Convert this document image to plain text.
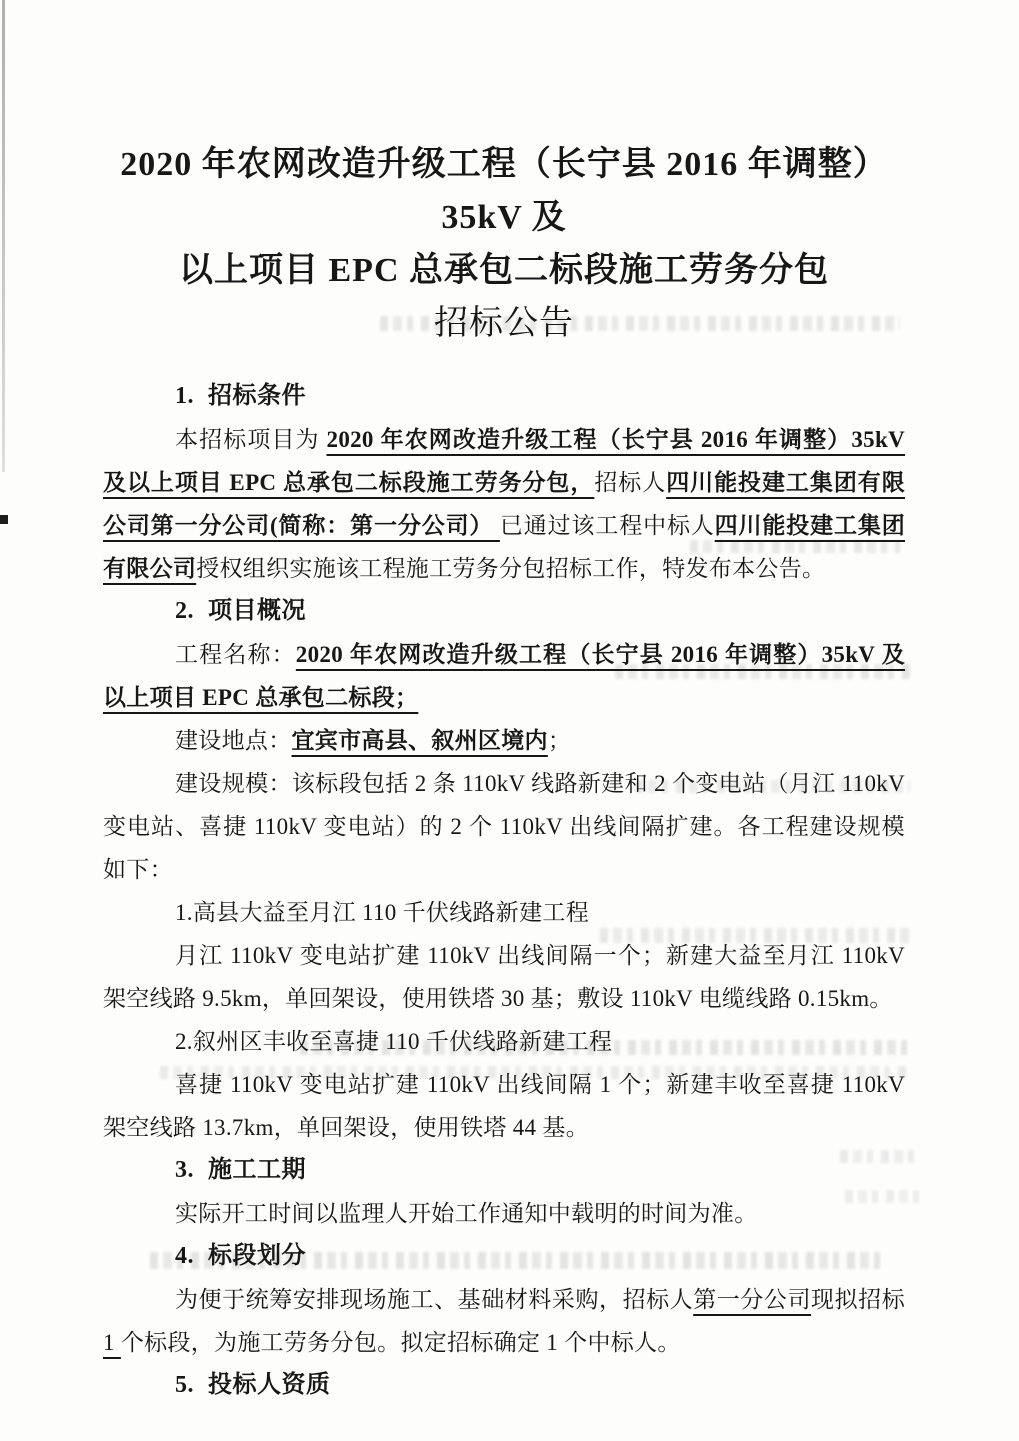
2020 年农网改造升级工程（长宁县 2016 年调整）35kV 及
以上项目 EPC 总承包二标段施工劳务分包
招标公告
1. 招标条件

本招标项目为 2020 年农网改造升级工程（长宁县 2016 年调整）35kV 及以上项目 EPC 总承包二标段施工劳务分包，招标人四川能投建工集团有限公司第一分公司(简称：第一分公司） 已通过该工程中标人四川能投建工集团有限公司授权组织实施该工程施工劳务分包招标工作，特发布本公告。

2. 项目概况

工程名称：2020 年农网改造升级工程（长宁县 2016 年调整）35kV 及以上项目 EPC 总承包二标段；

建设地点：宜宾市高县、叙州区境内；

建设规模：该标段包括 2 条 110kV 线路新建和 2 个变电站（月江 110kV 变电站、喜捷 110kV 变电站）的 2 个 110kV 出线间隔扩建。各工程建设规模如下：

1.高县大益至月江 110 千伏线路新建工程

月江 110kV 变电站扩建 110kV 出线间隔一个；新建大益至月江 110kV 架空线路 9.5km，单回架设，使用铁塔 30 基；敷设 110kV 电缆线路 0.15km。

2.叙州区丰收至喜捷 110 千伏线路新建工程

喜捷 110kV 变电站扩建 110kV 出线间隔 1 个；新建丰收至喜捷 110kV 架空线路 13.7km，单回架设，使用铁塔 44 基。

3. 施工工期

实际开工时间以监理人开始工作通知中载明的时间为准。

4. 标段划分

为便于统筹安排现场施工、基础材料采购，招标人第一分公司现拟招标 1 个标段，为施工劳务分包。拟定招标确定 1 个中标人。

5. 投标人资质
